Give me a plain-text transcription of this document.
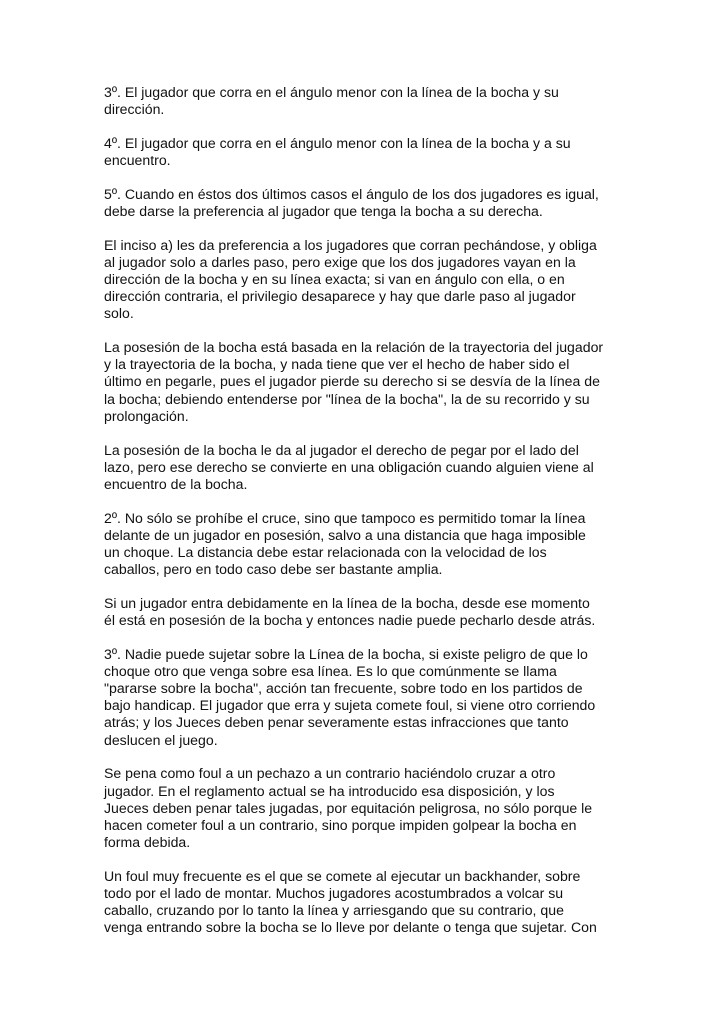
3º. El jugador que corra en el ángulo menor con la línea de la bocha y su
dirección.
4º. El jugador que corra en el ángulo menor con la línea de la bocha y a su
encuentro.
5º. Cuando en éstos dos últimos casos el ángulo de los dos jugadores es igual,
debe darse la preferencia al jugador que tenga la bocha a su derecha.
El inciso a) les da preferencia a los jugadores que corran pechándose, y obliga
al jugador solo a darles paso, pero exige que los dos jugadores vayan en la
dirección de la bocha y en su línea exacta; si van en ángulo con ella, o en
dirección contraria, el privilegio desaparece y hay que darle paso al jugador
solo.
La posesión de la bocha está basada en la relación de la trayectoria del jugador
y la trayectoria de la bocha, y nada tiene que ver el hecho de haber sido el
último en pegarle, pues el jugador pierde su derecho si se desvía de la línea de
la bocha; debiendo entenderse por "línea de la bocha", la de su recorrido y su
prolongación.
La posesión de la bocha le da al jugador el derecho de pegar por el lado del
lazo, pero ese derecho se convierte en una obligación cuando alguien viene al
encuentro de la bocha.
2º. No sólo se prohíbe el cruce, sino que tampoco es permitido tomar la línea
delante de un jugador en posesión, salvo a una distancia que haga imposible
un choque. La distancia debe estar relacionada con la velocidad de los
caballos, pero en todo caso debe ser bastante amplia.
Si un jugador entra debidamente en la línea de la bocha, desde ese momento
él está en posesión de la bocha y entonces nadie puede pecharlo desde atrás.
3º. Nadie puede sujetar sobre la Línea de la bocha, si existe peligro de que lo
choque otro que venga sobre esa línea. Es lo que comúnmente se llama
"pararse sobre la bocha", acción tan frecuente, sobre todo en los partidos de
bajo handicap. El jugador que erra y sujeta comete foul, si viene otro corriendo
atrás; y los Jueces deben penar severamente estas infracciones que tanto
deslucen el juego.
Se pena como foul a un pechazo a un contrario haciéndolo cruzar a otro
jugador. En el reglamento actual se ha introducido esa disposición, y los
Jueces deben penar tales jugadas, por equitación peligrosa, no sólo porque le
hacen cometer foul a un contrario, sino porque impiden golpear la bocha en
forma debida.
Un foul muy frecuente es el que se comete al ejecutar un backhander, sobre
todo por el lado de montar. Muchos jugadores acostumbrados a volcar su
caballo, cruzando por lo tanto la línea y arriesgando que su contrario, que
venga entrando sobre la bocha se lo lleve por delante o tenga que sujetar. Con
